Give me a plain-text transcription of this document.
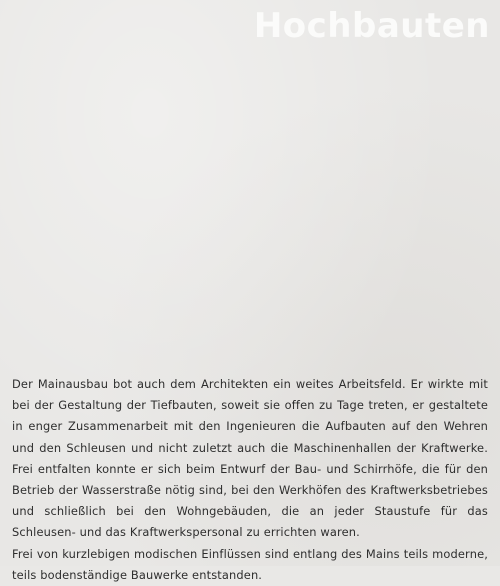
Hochbauten

Der Mainausbau bot auch dem Architekten ein weites Arbeitsfeld. Er wirkte mit bei der Gestaltung der Tiefbauten, soweit sie offen zu Tage treten, er gestaltete in enger Zusammenarbeit mit den Ingenieuren die Aufbauten auf den Wehren und den Schleusen und nicht zuletzt auch die Maschinenhallen der Kraftwerke. Frei entfalten konnte er sich beim Entwurf der Bau- und Schirrhöfe, die für den Betrieb der Wasserstraße nötig sind, bei den Werkhöfen des Kraftwerksbetriebes und schließlich bei den Wohngebäuden, die an jeder Staustufe für das Schleusen- und das Kraftwerkspersonal zu errichten waren.

Frei von kurzlebigen modischen Einflüssen sind entlang des Mains teils moderne, teils bodenständige Bauwerke entstanden.
